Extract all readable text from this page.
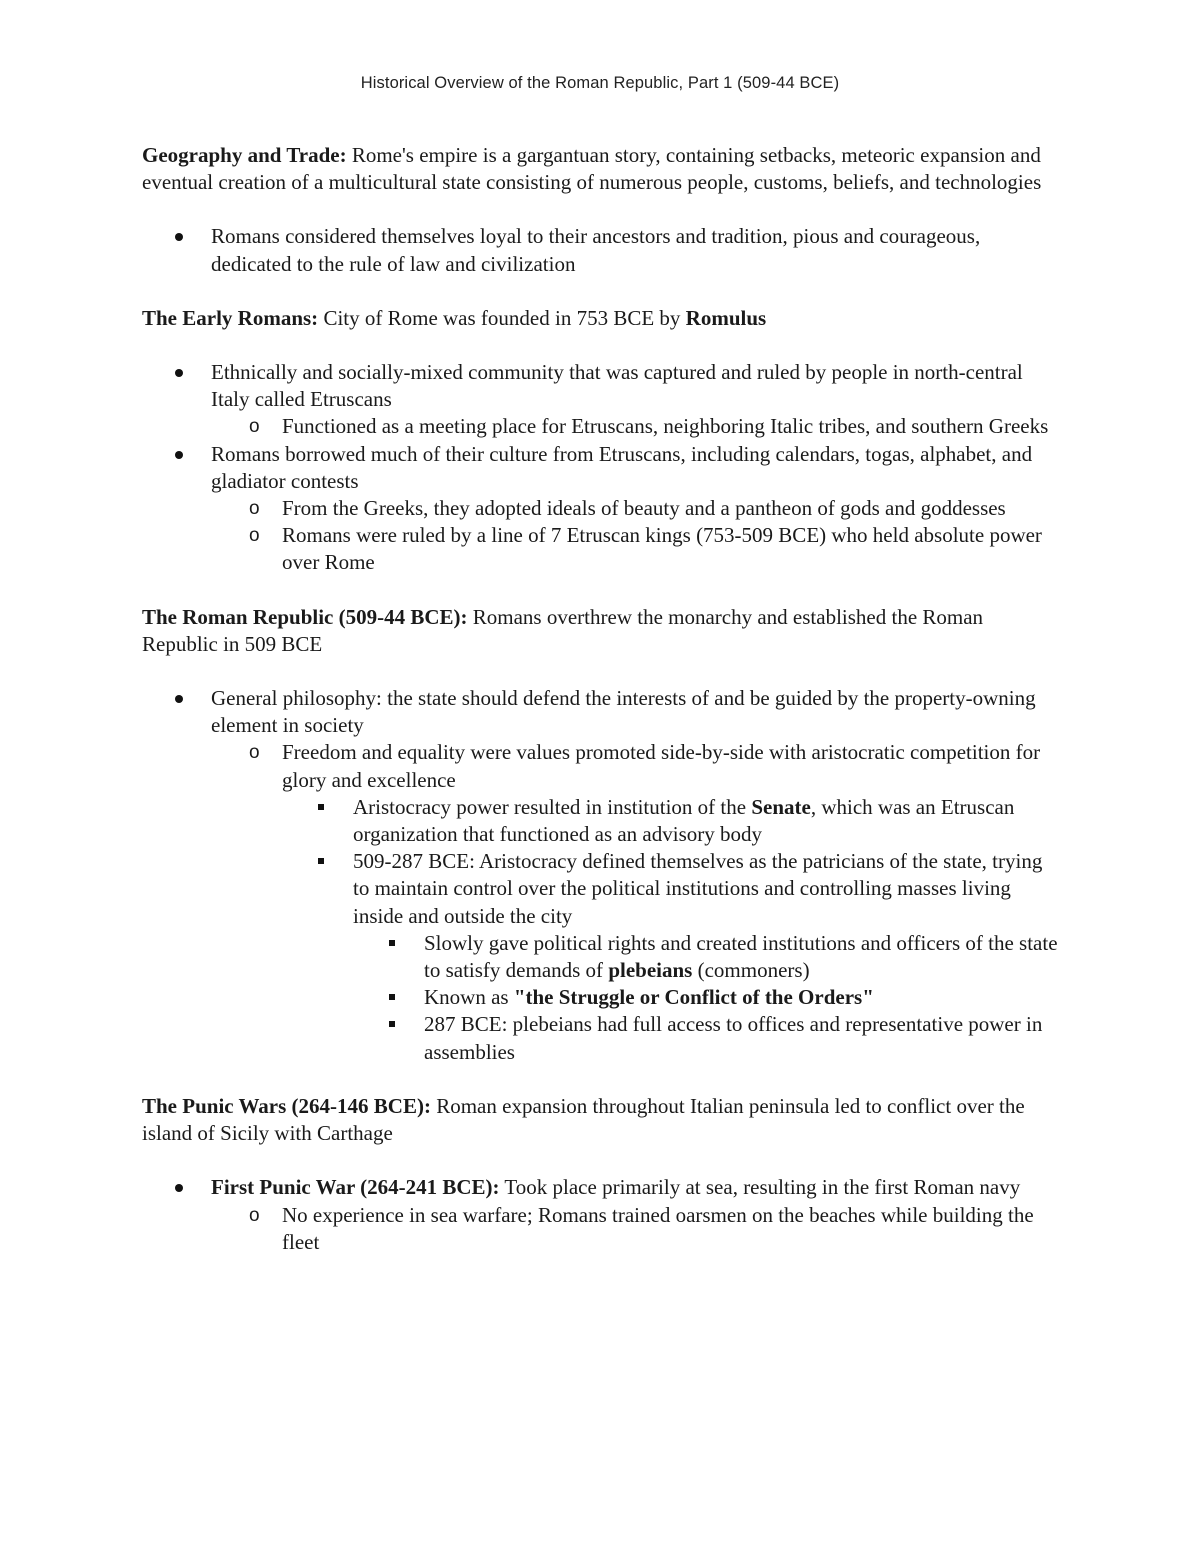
Historical Overview of the Roman Republic, Part 1 (509-44 BCE)

Geography and Trade: Rome's empire is a gargantuan story, containing setbacks, meteoric expansion and eventual creation of a multicultural state consisting of numerous people, customs, beliefs, and technologies

Romans considered themselves loyal to their ancestors and tradition, pious and courageous, dedicated to the rule of law and civilization

The Early Romans: City of Rome was founded in 753 BCE by Romulus

Ethnically and socially-mixed community that was captured and ruled by people in north-central Italy called Etruscans
o Functioned as a meeting place for Etruscans, neighboring Italic tribes, and southern Greeks
Romans borrowed much of their culture from Etruscans, including calendars, togas, alphabet, and gladiator contests
o From the Greeks, they adopted ideals of beauty and a pantheon of gods and goddesses
o Romans were ruled by a line of 7 Etruscan kings (753-509 BCE) who held absolute power over Rome

The Roman Republic (509-44 BCE): Romans overthrew the monarchy and established the Roman Republic in 509 BCE

General philosophy: the state should defend the interests of and be guided by the property-owning element in society
o Freedom and equality were values promoted side-by-side with aristocratic competition for glory and excellence
Aristocracy power resulted in institution of the Senate, which was an Etruscan organization that functioned as an advisory body
509-287 BCE: Aristocracy defined themselves as the patricians of the state, trying to maintain control over the political institutions and controlling masses living inside and outside the city
Slowly gave political rights and created institutions and officers of the state to satisfy demands of plebeians (commoners)
Known as "the Struggle or Conflict of the Orders"
287 BCE: plebeians had full access to offices and representative power in assemblies

The Punic Wars (264-146 BCE): Roman expansion throughout Italian peninsula led to conflict over the island of Sicily with Carthage

First Punic War (264-241 BCE): Took place primarily at sea, resulting in the first Roman navy
o No experience in sea warfare; Romans trained oarsmen on the beaches while building the fleet
